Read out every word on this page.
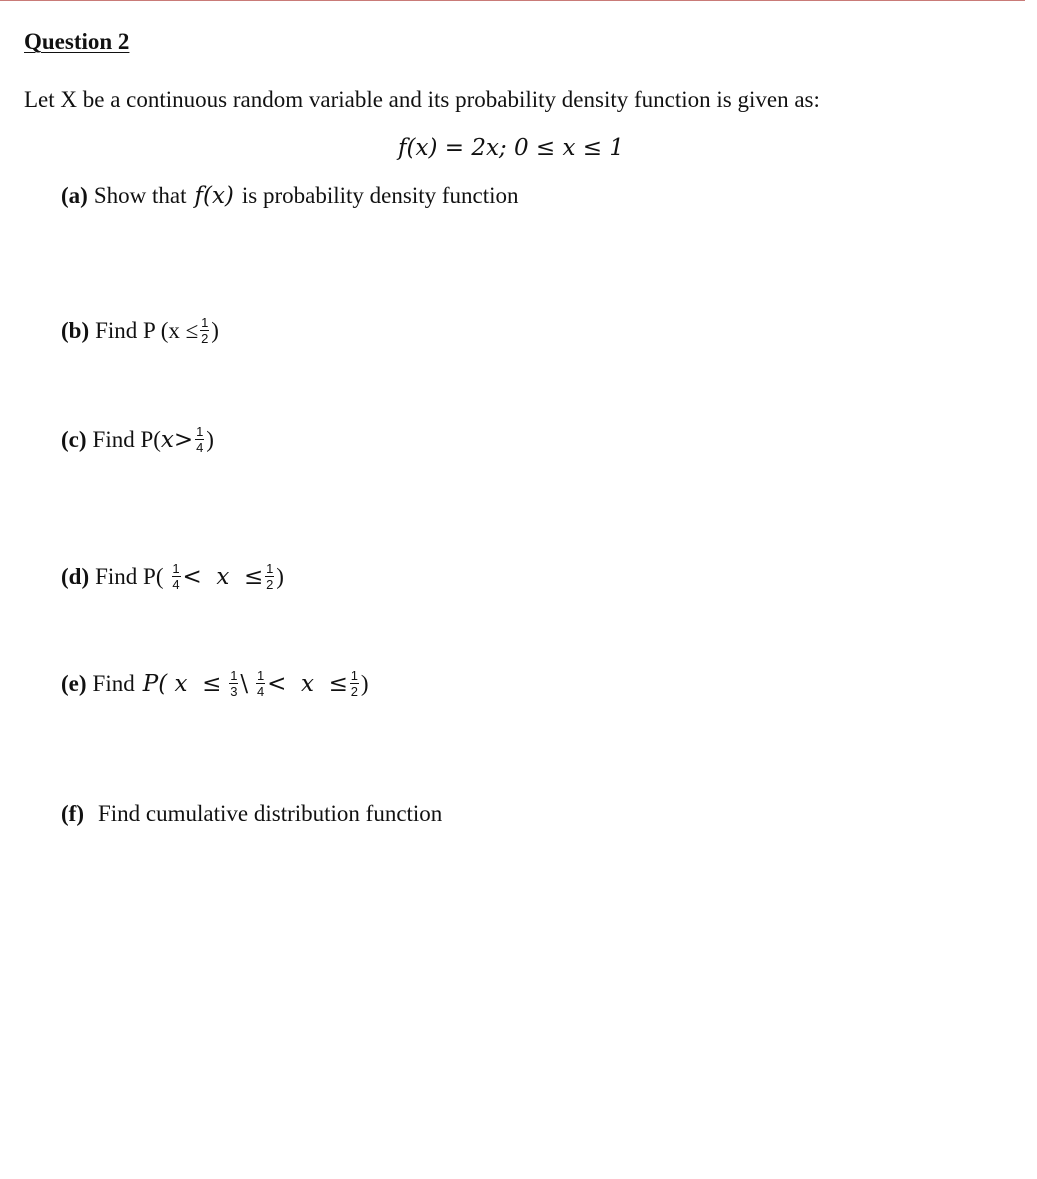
Question 2
Let X be a continuous random variable and its probability density function is given as:
f(x) = 2x; 0 ≤ x ≤ 1
(a) Show that f(x) is probability density function
(b) Find P ($x \le \frac{1}{2}$ )
(c) Find P( $x > \frac{1}{4}$ )
(d) Find $P( \frac{1}{4} < x \le \frac{1}{2}$ )
(e) Find P( $x \le \frac{1}{3}$ \ $\frac{1}{4} < x \le \frac{1}{2}$ )
(f) Find cumulative distribution function
